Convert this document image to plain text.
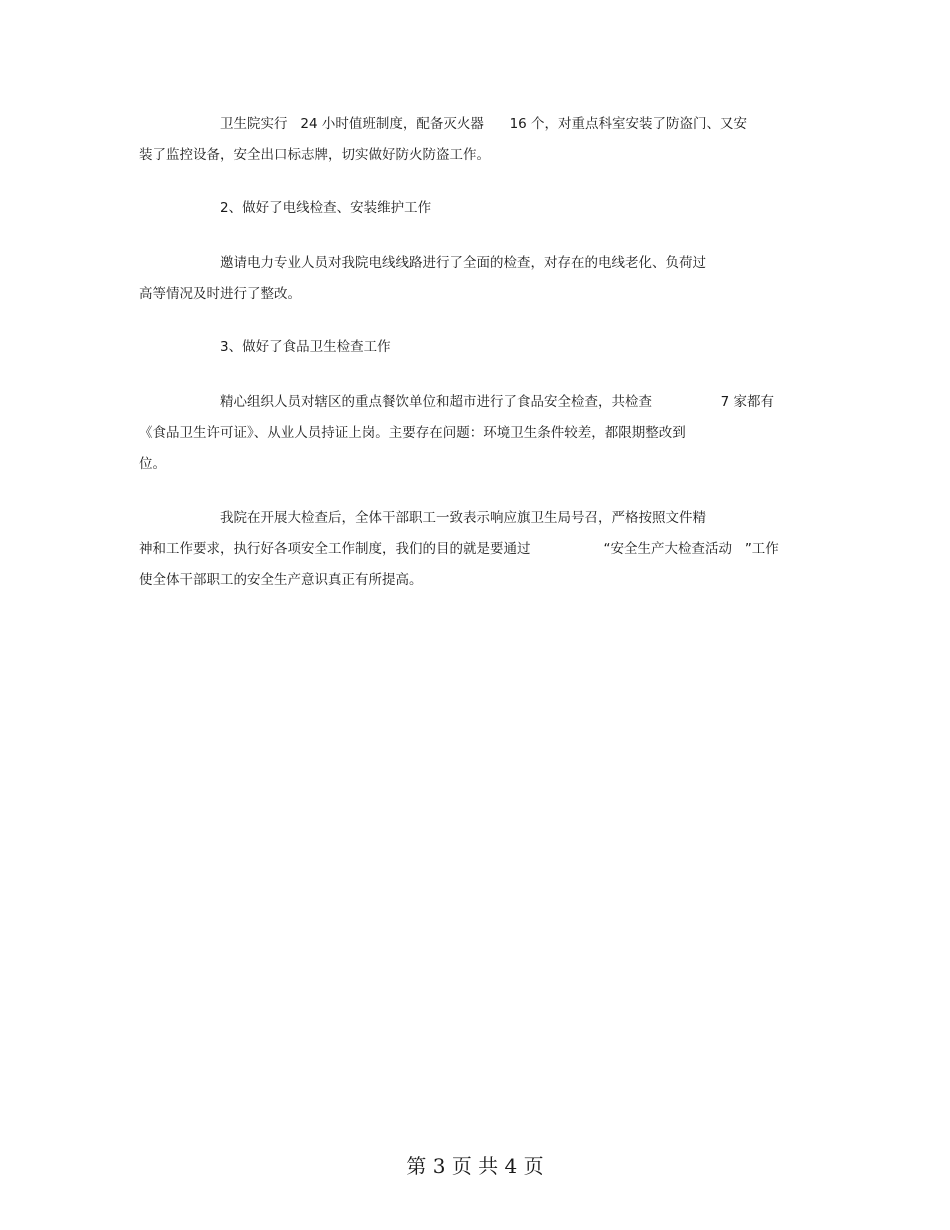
卫生院实行   24 小时值班制度，配备灭火器      16 个，对重点科室安装了防盗门、又安
装了监控设备，安全出口标志牌，切实做好防火防盗工作。
2、做好了电线检查、安装维护工作
邀请电力专业人员对我院电线线路进行了全面的检查，对存在的电线老化、负荷过
高等情况及时进行了整改。
3、做好了食品卫生检查工作
精心组织人员对辖区的重点餐饮单位和超市进行了食品安全检查，共检查                7 家都有
《食品卫生许可证》、从业人员持证上岗。主要存在问题：环境卫生条件较差，都限期整改到
位。
我院在开展大检查后，全体干部职工一致表示响应旗卫生局号召，严格按照文件精
神和工作要求，执行好各项安全工作制度，我们的目的就是要通过                 “安全生产大检查活动   ”工作
使全体干部职工的安全生产意识真正有所提高。
第 3 页 共 4 页
